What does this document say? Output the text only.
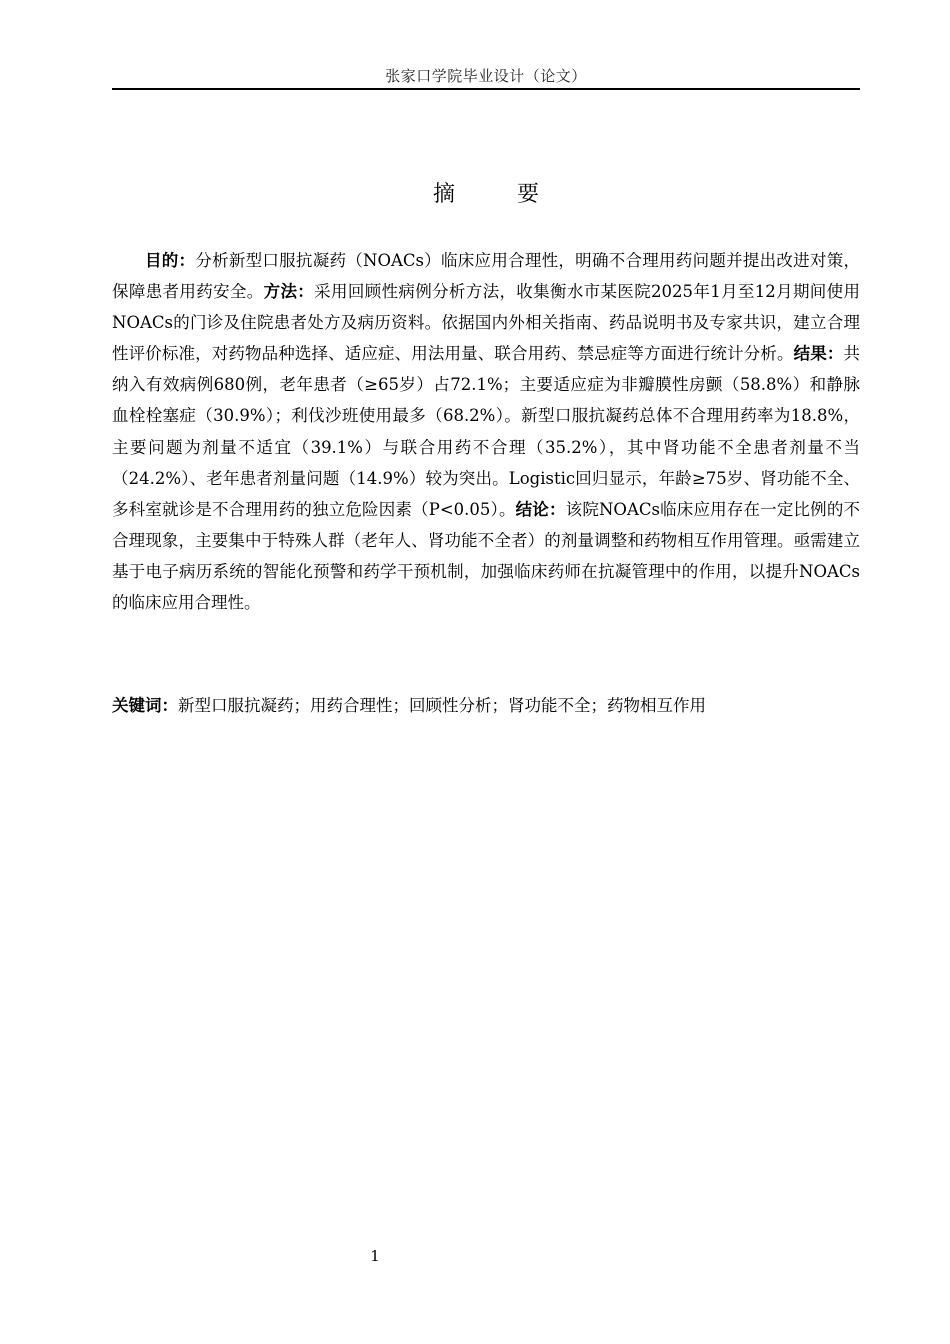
张家口学院毕业设计（论文）
摘　要

目的：分析新型口服抗凝药（NOACs）临床应用合理性，明确不合理用药问题并提出改进对策，保障患者用药安全。方法：采用回顾性病例分析方法，收集衡水市某医院2025年1月至12月期间使用NOACs的门诊及住院患者处方及病历资料。依据国内外相关指南、药品说明书及专家共识，建立合理性评价标准，对药物品种选择、适应症、用法用量、联合用药、禁忌症等方面进行统计分析。结果：共纳入有效病例680例，老年患者（≥65岁）占72.1%；主要适应症为非瓣膜性房颤（58.8%）和静脉血栓栓塞症（30.9%）；利伐沙班使用最多（68.2%）。新型口服抗凝药总体不合理用药率为18.8%，主要问题为剂量不适宜（39.1%）与联合用药不合理（35.2%），其中肾功能不全患者剂量不当（24.2%）、老年患者剂量问题（14.9%）较为突出。Logistic回归显示，年龄≥75岁、肾功能不全、多科室就诊是不合理用药的独立危险因素（P<0.05）。结论：该院NOACs临床应用存在一定比例的不合理现象，主要集中于特殊人群（老年人、肾功能不全者）的剂量调整和药物相互作用管理。亟需建立基于电子病历系统的智能化预警和药学干预机制，加强临床药师在抗凝管理中的作用，以提升NOACs的临床应用合理性。

关键词：新型口服抗凝药；用药合理性；回顾性分析；肾功能不全；药物相互作用

1
